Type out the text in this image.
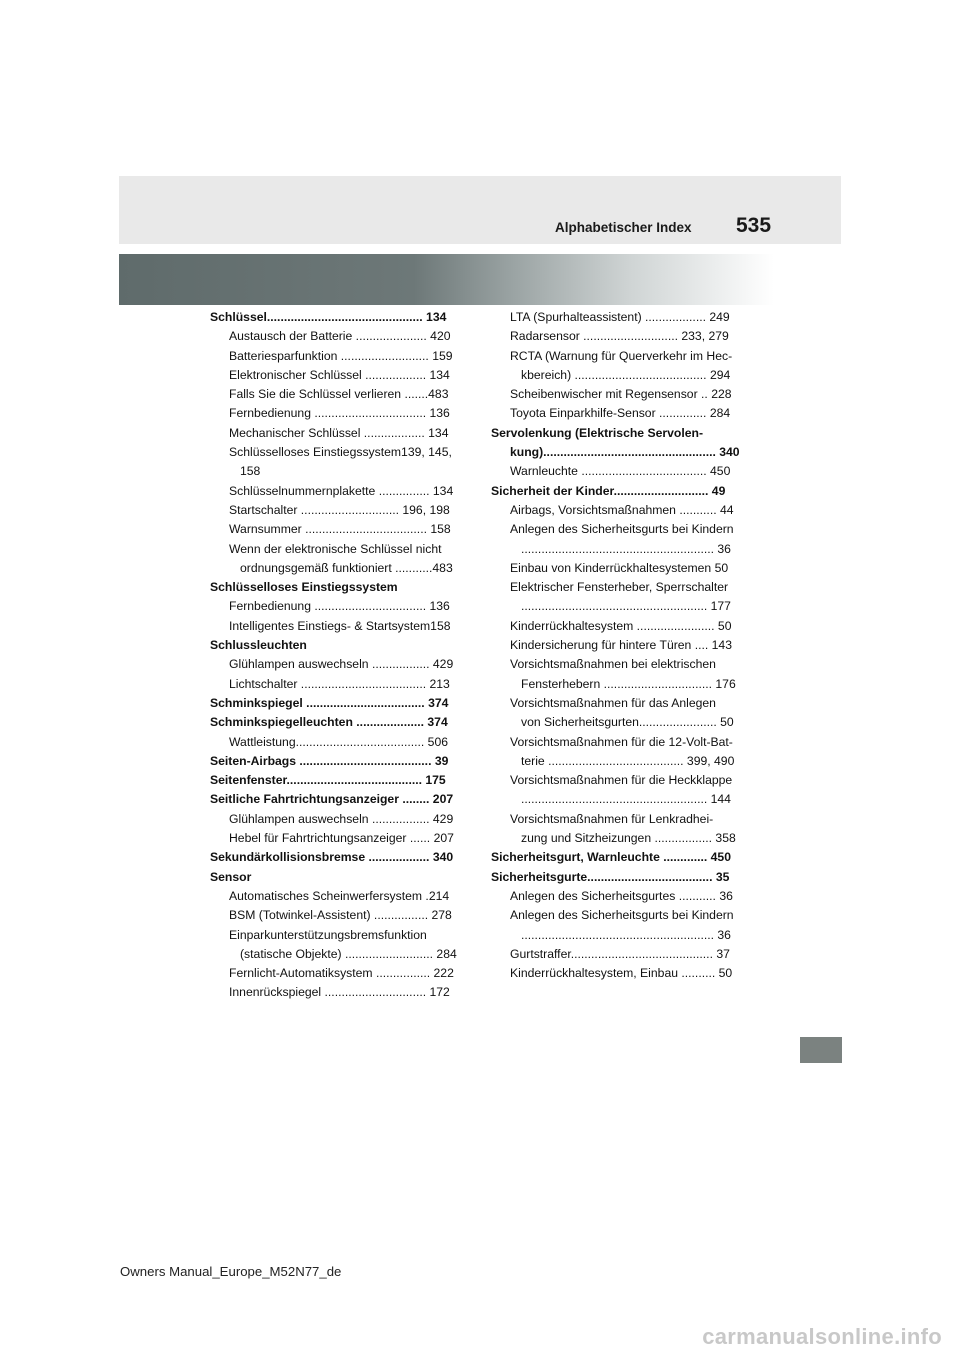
Alphabetischer Index 535
Schlüssel.............................................. 134
Austausch der Batterie ..................... 420
Batteriesparfunktion .......................... 159
Elektronischer Schlüssel .................. 134
Falls Sie die Schlüssel verlieren .......483
Fernbedienung ................................. 136
Mechanischer Schlüssel .................. 134
Schlüsselloses Einstiegssystem139, 145,
158
Schlüsselnummernplakette ............... 134
Startschalter ............................. 196, 198
Warnsummer .................................... 158
Wenn der elektronische Schlüssel nicht
ordnungsgemäß funktioniert ...........483
Schlüsselloses Einstiegssystem
Fernbedienung ................................. 136
Intelligentes Einstiegs- & Startsystem158
Schlussleuchten
Glühlampen auswechseln ................. 429
Lichtschalter ..................................... 213
Schminkspiegel ................................... 374
Schminkspiegelleuchten .................... 374
Wattleistung...................................... 506
Seiten-Airbags ....................................... 39
Seitenfenster........................................ 175
Seitliche Fahrtrichtungsanzeiger ........ 207
Glühlampen auswechseln ................. 429
Hebel für Fahrtrichtungsanzeiger ...... 207
Sekundärkollisionsbremse .................. 340
Sensor
Automatisches Scheinwerfersystem .214
BSM (Totwinkel-Assistent) ................ 278
Einparkunterstützungsbremsfunktion
(statische Objekte) .......................... 284
Fernlicht-Automatiksystem ................ 222
Innenrückspiegel .............................. 172
LTA (Spurhalteassistent) .................. 249
Radarsensor ............................ 233, 279
RCTA (Warnung für Querverkehr im Hec-
kbereich) ....................................... 294
Scheibenwischer mit Regensensor .. 228
Toyota Einparkhilfe-Sensor .............. 284
Servolenkung (Elektrische Servolen-
kung)................................................... 340
Warnleuchte ..................................... 450
Sicherheit der Kinder............................ 49
Airbags, Vorsichtsmaßnahmen ........... 44
Anlegen des Sicherheitsgurts bei Kindern
......................................................... 36
Einbau von Kinderrückhaltesystemen 50
Elektrischer Fensterheber, Sperrschalter
....................................................... 177
Kinderrückhaltesystem ....................... 50
Kindersicherung für hintere Türen .... 143
Vorsichtsmaßnahmen bei elektrischen
Fensterhebern ................................ 176
Vorsichtsmaßnahmen für das Anlegen
von Sicherheitsgurten....................... 50
Vorsichtsmaßnahmen für die 12-Volt-Bat-
terie ........................................ 399, 490
Vorsichtsmaßnahmen für die Heckklappe
....................................................... 144
Vorsichtsmaßnahmen für Lenkradhei-
zung und Sitzheizungen ................. 358
Sicherheitsgurt, Warnleuchte ............. 450
Sicherheitsgurte..................................... 35
Anlegen des Sicherheitsgurtes ........... 36
Anlegen des Sicherheitsgurts bei Kindern
......................................................... 36
Gurtstraffer.......................................... 37
Kinderrückhaltesystem, Einbau .......... 50
Owners Manual_Europe_M52N77_de
carmanualsonline.info
